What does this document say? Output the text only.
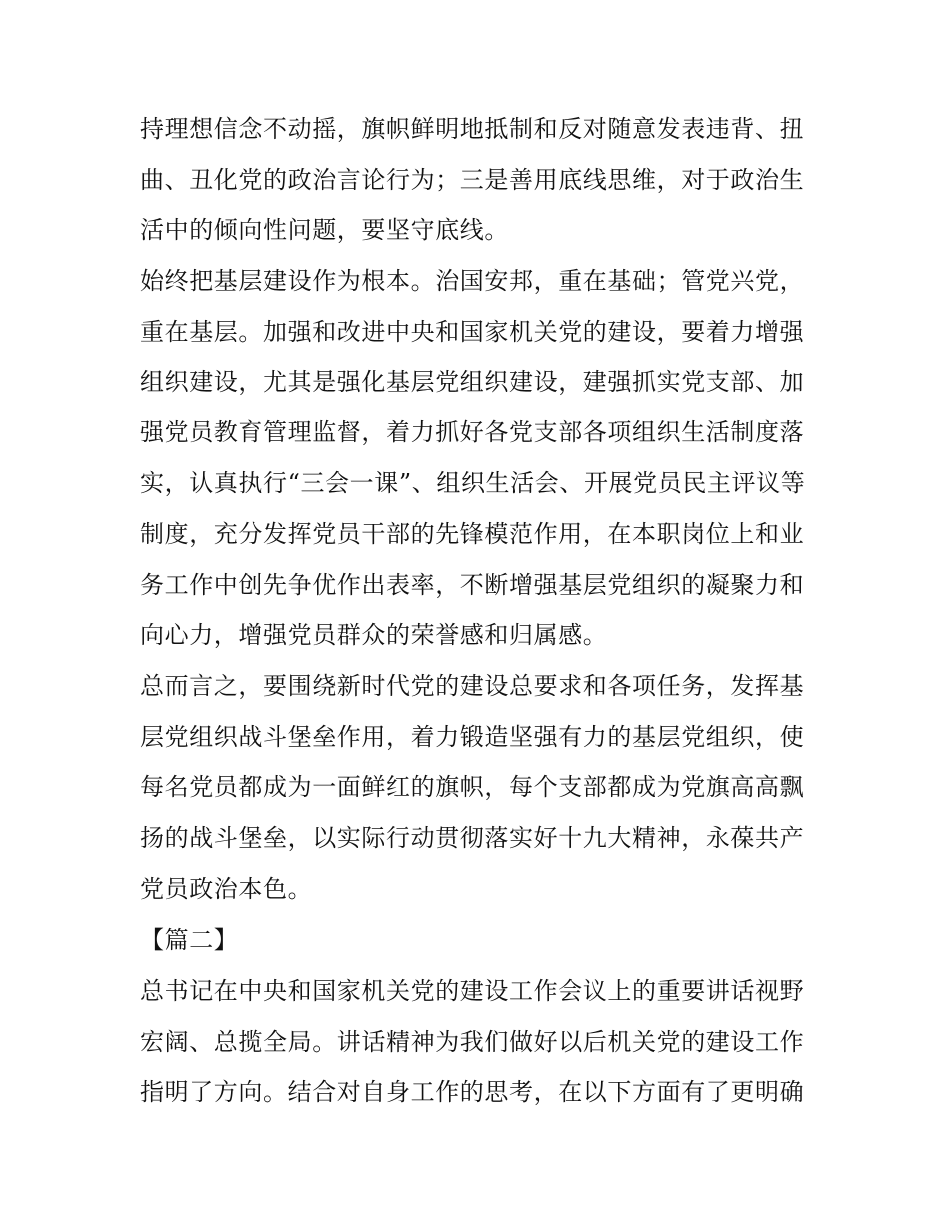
持理想信念不动摇，旗帜鲜明地抵制和反对随意发表违背、扭
曲、丑化党的政治言论行为；三是善用底线思维，对于政治生
活中的倾向性问题，要坚守底线。
始终把基层建设作为根本。治国安邦，重在基础；管党兴党，
重在基层。加强和改进中央和国家机关党的建设，要着力增强
组织建设，尤其是强化基层党组织建设，建强抓实党支部、加
强党员教育管理监督，着力抓好各党支部各项组织生活制度落
实，认真执行“三会一课”、组织生活会、开展党员民主评议等
制度，充分发挥党员干部的先锋模范作用，在本职岗位上和业
务工作中创先争优作出表率，不断增强基层党组织的凝聚力和
向心力，增强党员群众的荣誉感和归属感。
总而言之，要围绕新时代党的建设总要求和各项任务，发挥基
层党组织战斗堡垒作用，着力锻造坚强有力的基层党组织，使
每名党员都成为一面鲜红的旗帜，每个支部都成为党旗高高飘
扬的战斗堡垒，以实际行动贯彻落实好十九大精神，永葆共产
党员政治本色。
【篇二】
总书记在中央和国家机关党的建设工作会议上的重要讲话视野
宏阔、总揽全局。讲话精神为我们做好以后机关党的建设工作
指明了方向。结合对自身工作的思考，在以下方面有了更明确
